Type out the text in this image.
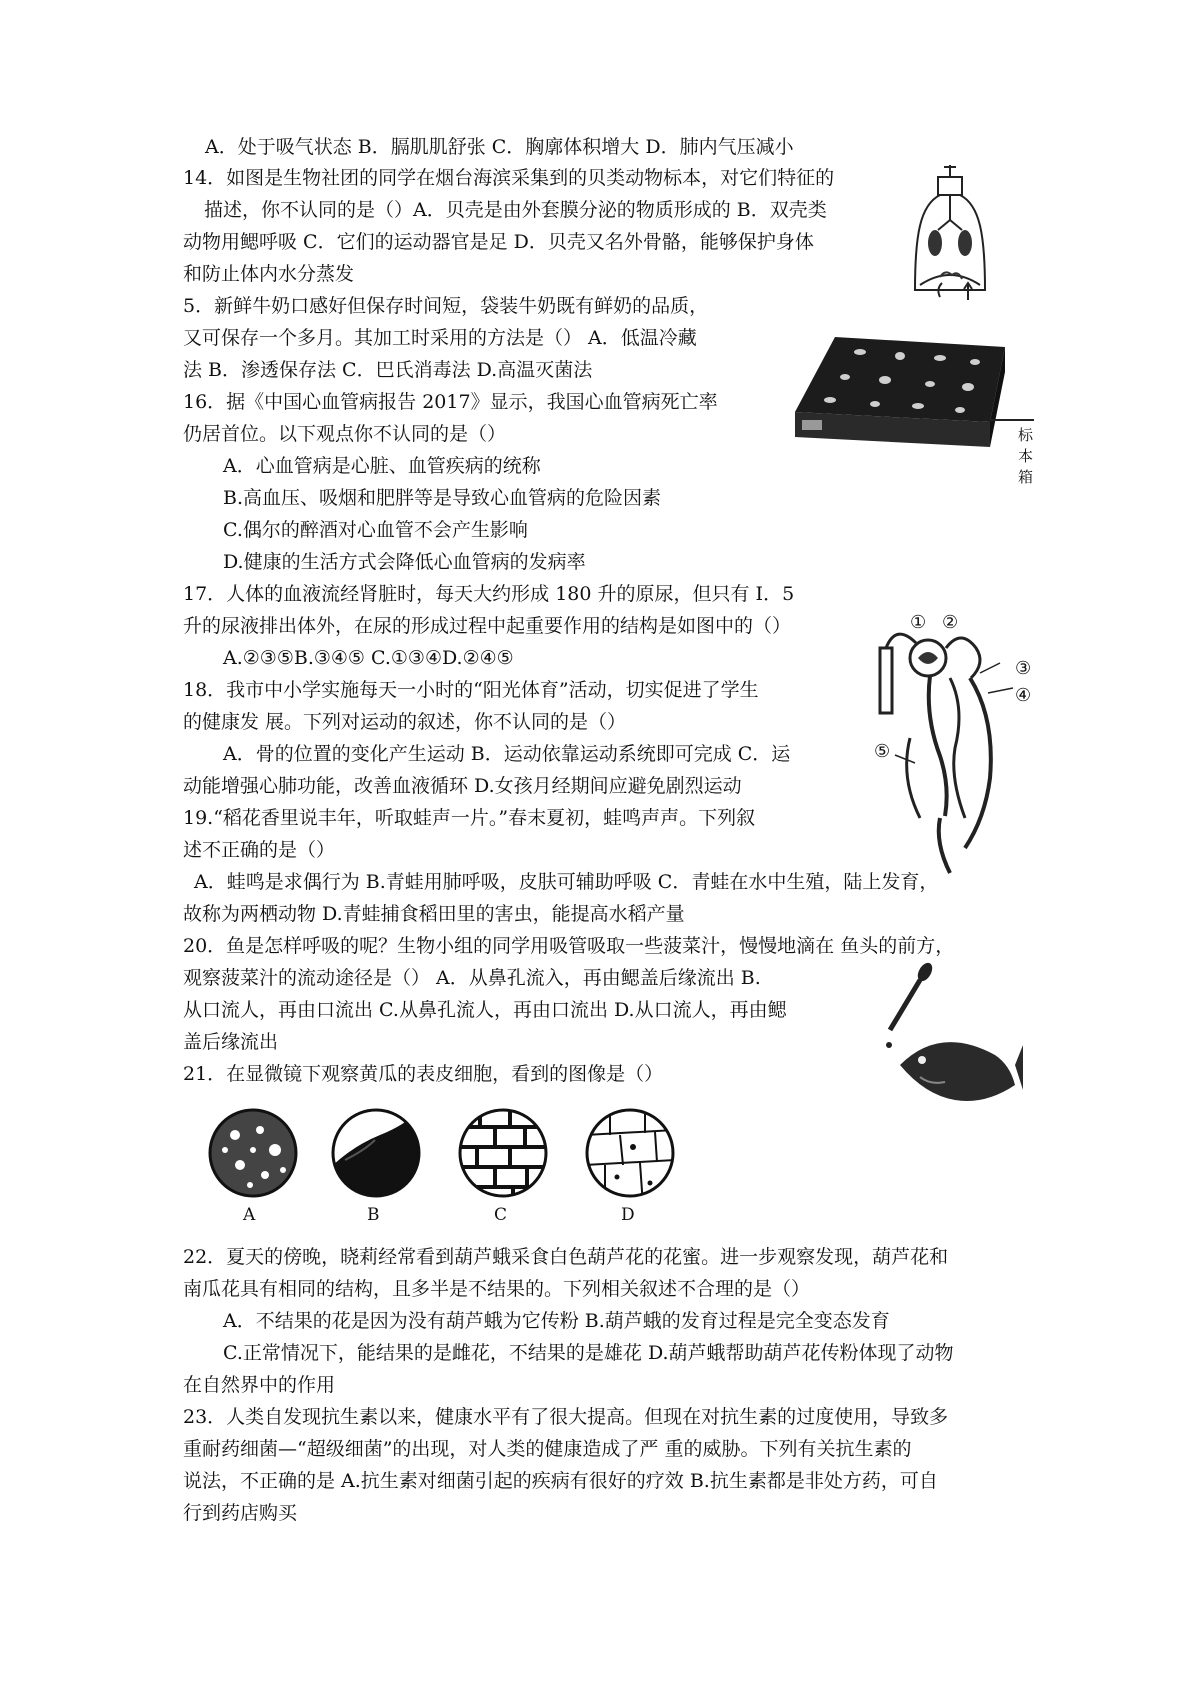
A．处于吸气状态 B．膈肌肌舒张 C．胸廓体积增大 D．肺内气压减小
14．如图是生物社团的同学在烟台海滨采集到的贝类动物标本，对它们特征的
描述，你不认同的是（）A．贝壳是由外套膜分泌的物质形成的 B．双壳类
动物用鳃呼吸 C．它们的运动器官是足 D．贝壳又名外骨骼，能够保护身体
和防止体内水分蒸发
5．新鲜牛奶口感好但保存时间短，袋装牛奶既有鲜奶的品质，
又可保存一个多月。其加工时采用的方法是（） A．低温冷藏
法 B．渗透保存法 C．巴氏消毒法 D.高温灭菌法
16．据《中国心血管病报告 2017》显示，我国心血管病死亡率
仍居首位。以下观点你不认同的是（）
A．心血管病是心脏、血管疾病的统称
B.高血压、吸烟和肥胖等是导致心血管病的危险因素
C.偶尔的醉酒对心血管不会产生影响
D.健康的生活方式会降低心血管病的发病率
17．人体的血液流经肾脏时，每天大约形成 180 升的原尿，但只有 I．5
升的尿液排出体外，在尿的形成过程中起重要作用的结构是如图中的（）
A.②③⑤B.③④⑤ C.①③④D.②④⑤
18．我市中小学实施每天一小时的“阳光体育”活动，切实促进了学生
的健康发 展。下列对运动的叙述，你不认同的是（）
A．骨的位置的变化产生运动 B．运动依靠运动系统即可完成 C．运
动能增强心肺功能，改善血液循环 D.女孩月经期间应避免剧烈运动
19.“稻花香里说丰年，听取蛙声一片。”春末夏初，蛙鸣声声。下列叙
述不正确的是（）
A．蛙鸣是求偶行为 B.青蛙用肺呼吸，皮肤可辅助呼吸 C．青蛙在水中生殖，陆上发育，
故称为两栖动物 D.青蛙捕食稻田里的害虫，能提高水稻产量
20．鱼是怎样呼吸的呢？生物小组的同学用吸管吸取一些菠菜汁，慢慢地滴在 鱼头的前方，
观察菠菜汁的流动途径是（） A．从鼻孔流入，再由鳃盖后缘流出 B.
从口流人，再由口流出 C.从鼻孔流人，再由口流出 D.从口流人，再由鳃
盖后缘流出
21．在显微镜下观察黄瓜的表皮细胞，看到的图像是（）
22．夏天的傍晚，晓莉经常看到葫芦蛾采食白色葫芦花的花蜜。进一步观察发现，葫芦花和
南瓜花具有相同的结构，且多半是不结果的。下列相关叙述不合理的是（）
A．不结果的花是因为没有葫芦蛾为它传粉 B.葫芦蛾的发育过程是完全变态发育
C.正常情况下，能结果的是雌花，不结果的是雄花 D.葫芦蛾帮助葫芦花传粉体现了动物
在自然界中的作用
23．人类自发现抗生素以来，健康水平有了很大提高。但现在对抗生素的过度使用，导致多
重耐药细菌—“超级细菌”的出现，对人类的健康造成了严 重的威胁。下列有关抗生素的
说法，不正确的是 A.抗生素对细菌引起的疾病有很好的疗效 B.抗生素都是非处方药，可自
行到药店购买
标本箱
① ②
③
④
⑤
A	B	C	D
